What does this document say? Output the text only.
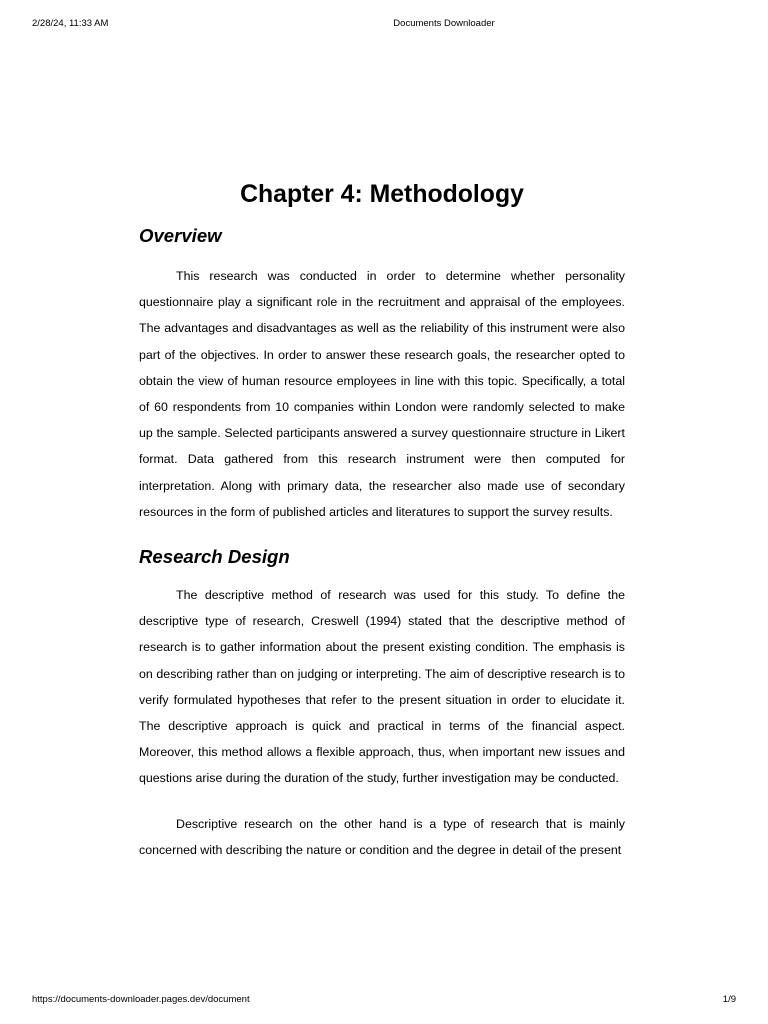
2/28/24, 11:33 AM	Documents Downloader
Chapter 4: Methodology
Overview

This research was conducted in order to determine whether personality questionnaire play a significant role in the recruitment and appraisal of the employees. The advantages and disadvantages as well as the reliability of this instrument were also part of the objectives. In order to answer these research goals, the researcher opted to obtain the view of human resource employees in line with this topic. Specifically, a total of 60 respondents from 10 companies within London were randomly selected to make up the sample. Selected participants answered a survey questionnaire structure in Likert format. Data gathered from this research instrument were then computed for interpretation. Along with primary data, the researcher also made use of secondary resources in the form of published articles and literatures to support the survey results.

Research Design

The descriptive method of research was used for this study. To define the descriptive type of research, Creswell (1994) stated that the descriptive method of research is to gather information about the present existing condition. The emphasis is on describing rather than on judging or interpreting. The aim of descriptive research is to verify formulated hypotheses that refer to the present situation in order to elucidate it. The descriptive approach is quick and practical in terms of the financial aspect. Moreover, this method allows a flexible approach, thus, when important new issues and questions arise during the duration of the study, further investigation may be conducted.

Descriptive research on the other hand is a type of research that is mainly concerned with describing the nature or condition and the degree in detail of the present

https://documents-downloader.pages.dev/document	1/9
